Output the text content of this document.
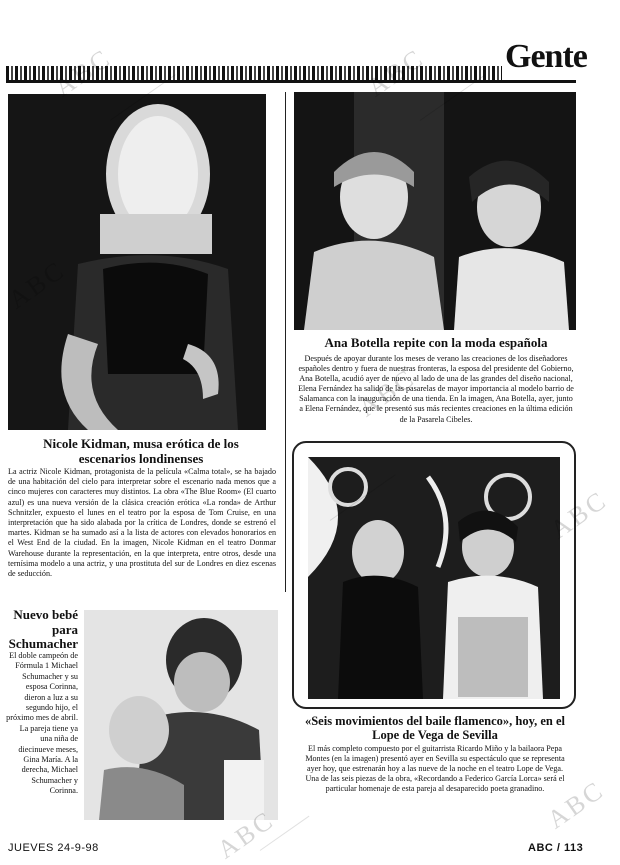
Gente
Nicole Kidman, musa erótica de los escenarios londinenses
La actriz Nicole Kidman, protagonista de la película «Calma total», se ha bajado de una habitación del cielo para interpretar sobre el escenario nada menos que a cinco mujeres con caracteres muy distintos. La obra «The Blue Room» (El cuarto azul) es una nueva versión de la clásica creación erótica «La ronda» de Arthur Schnitzler, expuesto el lunes en el teatro por la esposa de Tom Cruise, en una interpretación que ha sido alabada por la crítica de Londres, donde se estrenó el martes. Kidman se ha sumado así a la lista de actores con elevados honorarios en el West End de la ciudad. En la imagen, Nicole Kidman en el teatro Donmar Warehouse durante la representación, en la que interpreta, entre otros, desde una ternísima modelo a una actriz, y una prostituta del sur de Londres en diez escenas de seducción.
Ana Botella repite con la moda española
Después de apoyar durante los meses de verano las creaciones de los diseñadores españoles dentro y fuera de nuestras fronteras, la esposa del presidente del Gobierno, Ana Botella, acudió ayer de nuevo al lado de una de las grandes del diseño nacional, Elena Fernández ha salido de las pasarelas de mayor importancia al modelo barrio de Salamanca con la inauguración de una tienda. En la imagen, Ana Botella, ayer, junto a Elena Fernández, que le presentó sus más recientes creaciones en la última edición de la Pasarela Cibeles.
Nuevo bebé para Schumacher
El doble campeón de Fórmula 1 Michael Schumacher y su esposa Corinna, dieron a luz a su segundo hijo, el próximo mes de abril. La pareja tiene ya una niña de diecinueve meses, Gina María. A la derecha, Michael Schumacher y Corinna.
«Seis movimientos del baile flamenco», hoy, en el Lope de Vega de Sevilla
El más completo compuesto por el guitarrista Ricardo Miño y la bailaora Pepa Montes (en la imagen) presentó ayer en Sevilla su espectáculo que se representa ayer hoy, que estrenarán hoy a las nueve de la noche en el teatro Lope de Vega. Una de las seis piezas de la obra, «Recordando a Federico García Lorca» será el particular homenaje de esta pareja al desaparecido poeta granadino.
ABC
ABC
ABC
ABC
JUEVES 24-9-98	ABC / 113
